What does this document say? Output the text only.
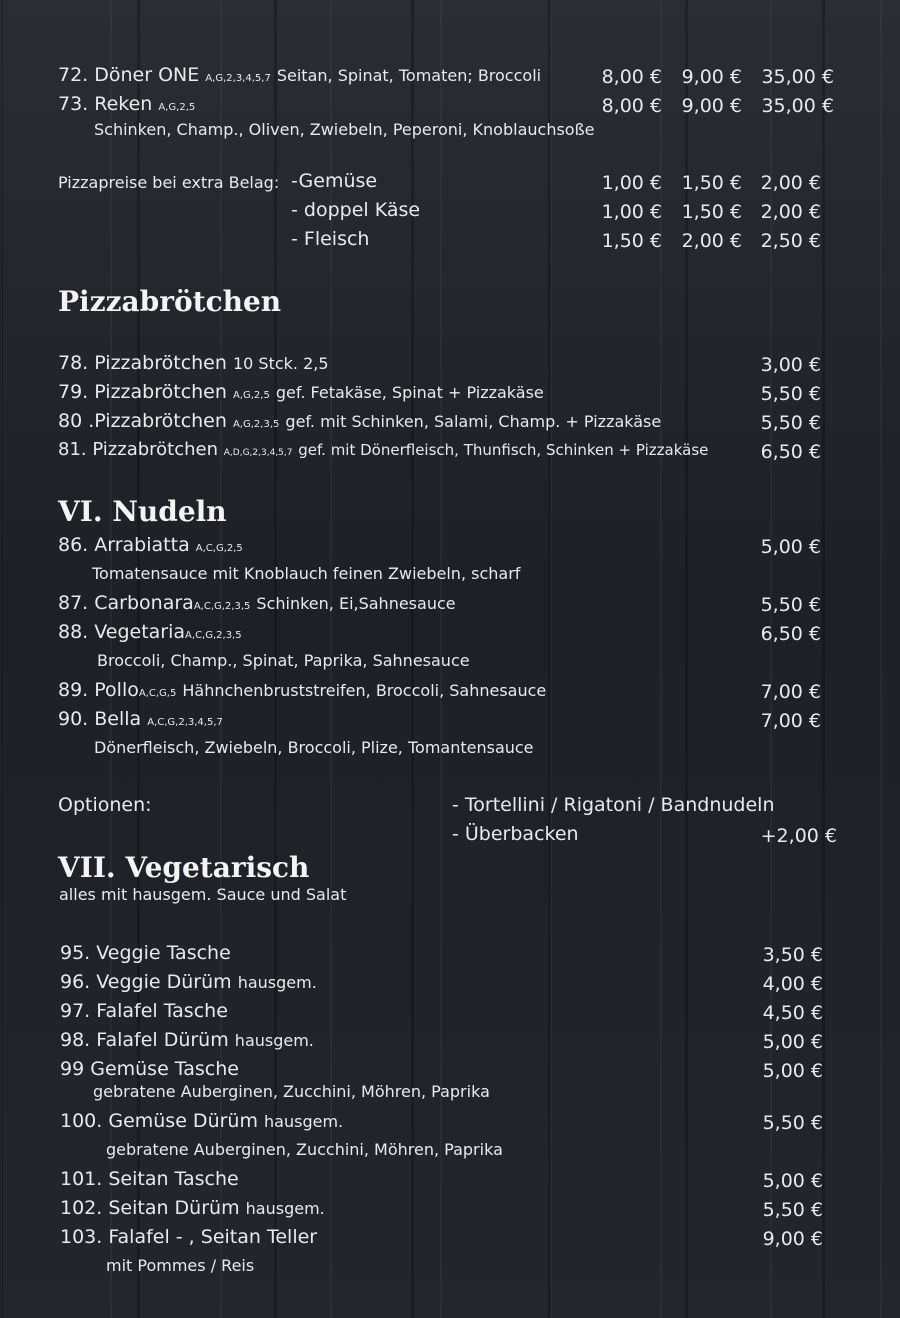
72. Döner ONE A,G,2,3,4,5,7 Seitan, Spinat, Tomaten; Broccoli	8,00 €	9,00 €	35,00 €
73. Reken A,G,2,5	8,00 €	9,00 €	35,00 €
Schinken, Champ., Oliven, Zwiebeln, Peperoni, Knoblauchsoße
Pizzapreise bei extra Belag: -Gemüse	1,00 €	1,50 € 2,00 €
- doppel Käse	1,00 €	1,50 € 2,00 €
- Fleisch	1,50 €	2,00 € 2,50 €
Pizzabrötchen
78. Pizzabrötchen 10 Stck. 2,5	3,00 €
79. Pizzabrötchen A,G,2,5 gef. Fetakäse, Spinat + Pizzakäse	5,50 €
80 .Pizzabrötchen A,G,2,3,5 gef. mit Schinken, Salami, Champ. + Pizzakäse	5,50 €
81. Pizzabrötchen A,D,G,2,3,4,5,7 gef. mit Dönerfleisch, Thunfisch, Schinken + Pizzakäse	6,50 €
VI. Nudeln
86. Arrabiatta A,C,G,2,5	5,00 €
Tomatensauce mit Knoblauch feinen Zwiebeln, scharf
87. CarbonaraA,C,G,2,3,5 Schinken, Ei,Sahnesauce	5,50 €
88. VegetariaA,C,G,2,3,5	6,50 €
Broccoli, Champ., Spinat, Paprika, Sahnesauce
89. PolloA,C,G,5 Hähnchenbruststreifen, Broccoli, Sahnesauce	7,00 €
90. Bella A,C,G,2,3,4,5,7	7,00 €
Dönerfleisch, Zwiebeln, Broccoli, Plize, Tomantensauce
Optionen:	- Tortellini / Rigatoni / Bandnudeln
- Überbacken	+2,00 €
VII. Vegetarisch
alles mit hausgem. Sauce und Salat
95. Veggie Tasche	3,50 €
96. Veggie Dürüm hausgem.	4,00 €
97. Falafel Tasche	4,50 €
98. Falafel Dürüm hausgem.	5,00 €
99 Gemüse Tasche	5,00 €
gebratene Auberginen, Zucchini, Möhren, Paprika
100. Gemüse Dürüm hausgem.	5,50 €
gebratene Auberginen, Zucchini, Möhren, Paprika
101. Seitan Tasche	5,00 €
102. Seitan Dürüm hausgem.	5,50 €
103. Falafel - , Seitan Teller	9,00 €
mit Pommes / Reis
